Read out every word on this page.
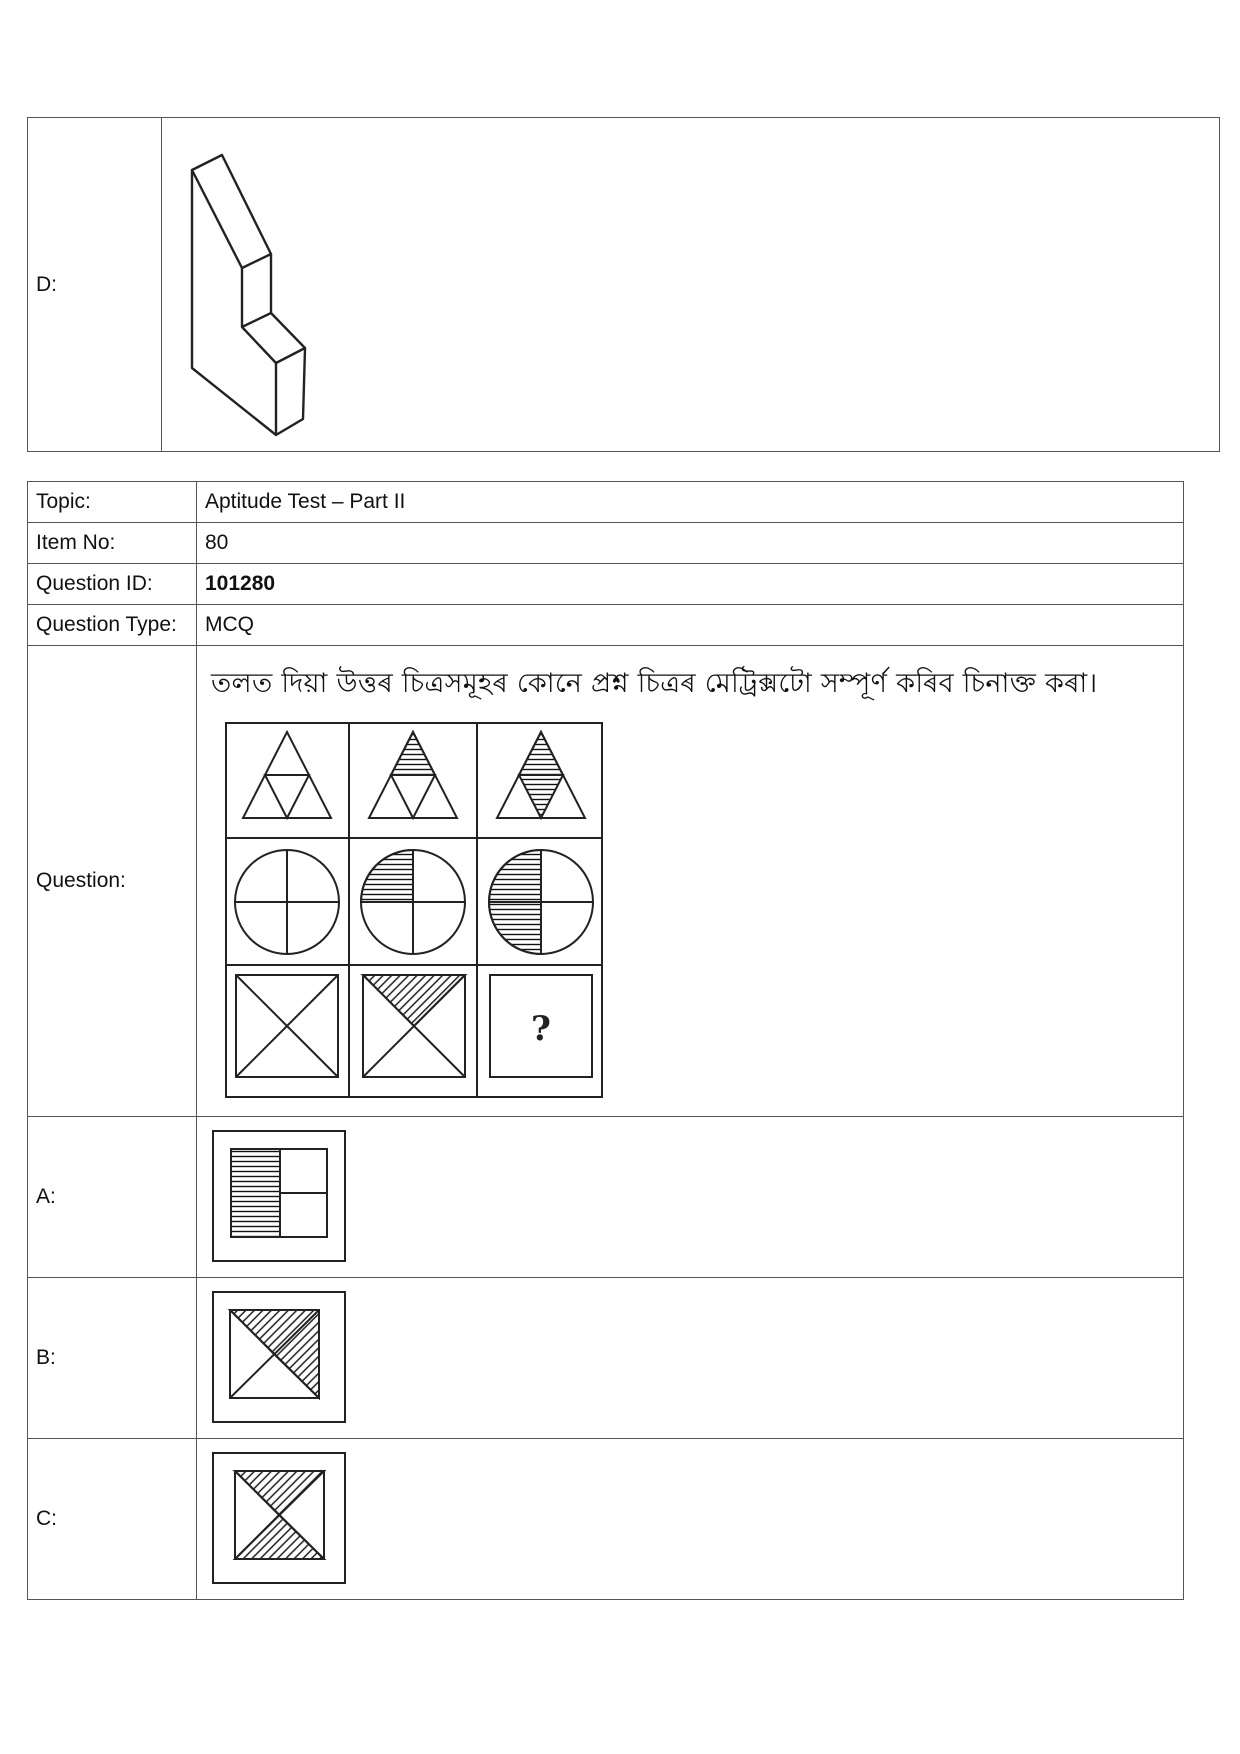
D:	
Topic:	Aptitude Test – Part II
Item No:	80
Question ID:	101280
Question Type:	MCQ
Question:	তলত দিয়া উত্তৰ চিত্ৰসমূহৰ কোনে প্ৰশ্ন চিত্ৰৰ মেট্ৰিক্সটো সম্পূৰ্ণ কৰিব চিনাক্ত কৰা।
?

A:	

B:	

C:	
